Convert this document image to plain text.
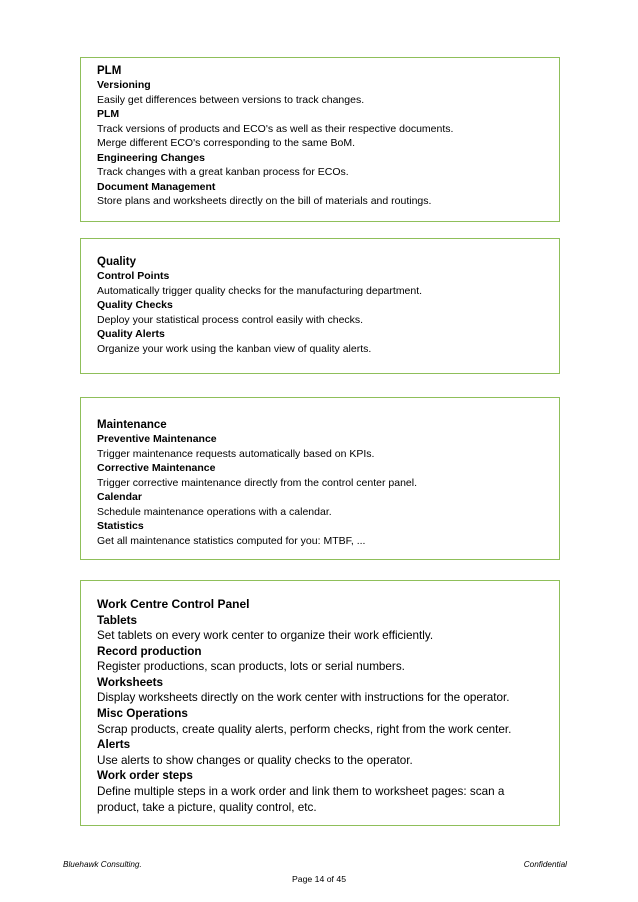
PLM
Versioning
Easily get differences between versions to track changes.
PLM
Track versions of products and ECO's as well as their respective documents.
Merge different ECO's corresponding to the same BoM.
Engineering Changes
Track changes with a great kanban process for ECOs.
Document Management
Store plans and worksheets directly on the bill of materials and routings.
Quality
Control Points
Automatically trigger quality checks for the manufacturing department.
Quality Checks
Deploy your statistical process control easily with checks.
Quality Alerts
Organize your work using the kanban view of quality alerts.
Maintenance
Preventive Maintenance
Trigger maintenance requests automatically based on KPIs.
Corrective Maintenance
Trigger corrective maintenance directly from the control center panel.
Calendar
Schedule maintenance operations with a calendar.
Statistics
Get all maintenance statistics computed for you: MTBF, ...
Work Centre Control Panel
Tablets
Set tablets on every work center to organize their work efficiently.
Record production
Register productions, scan products, lots or serial numbers.
Worksheets
Display worksheets directly on the work center with instructions for the operator.
Misc Operations
Scrap products, create quality alerts, perform checks, right from the work center.
Alerts
Use alerts to show changes or quality checks to the operator.
Work order steps
Define multiple steps in a work order and link them to worksheet pages: scan a
product, take a picture, quality control, etc.
Bluehawk Consulting.	Confidential
Page 14 of 45
